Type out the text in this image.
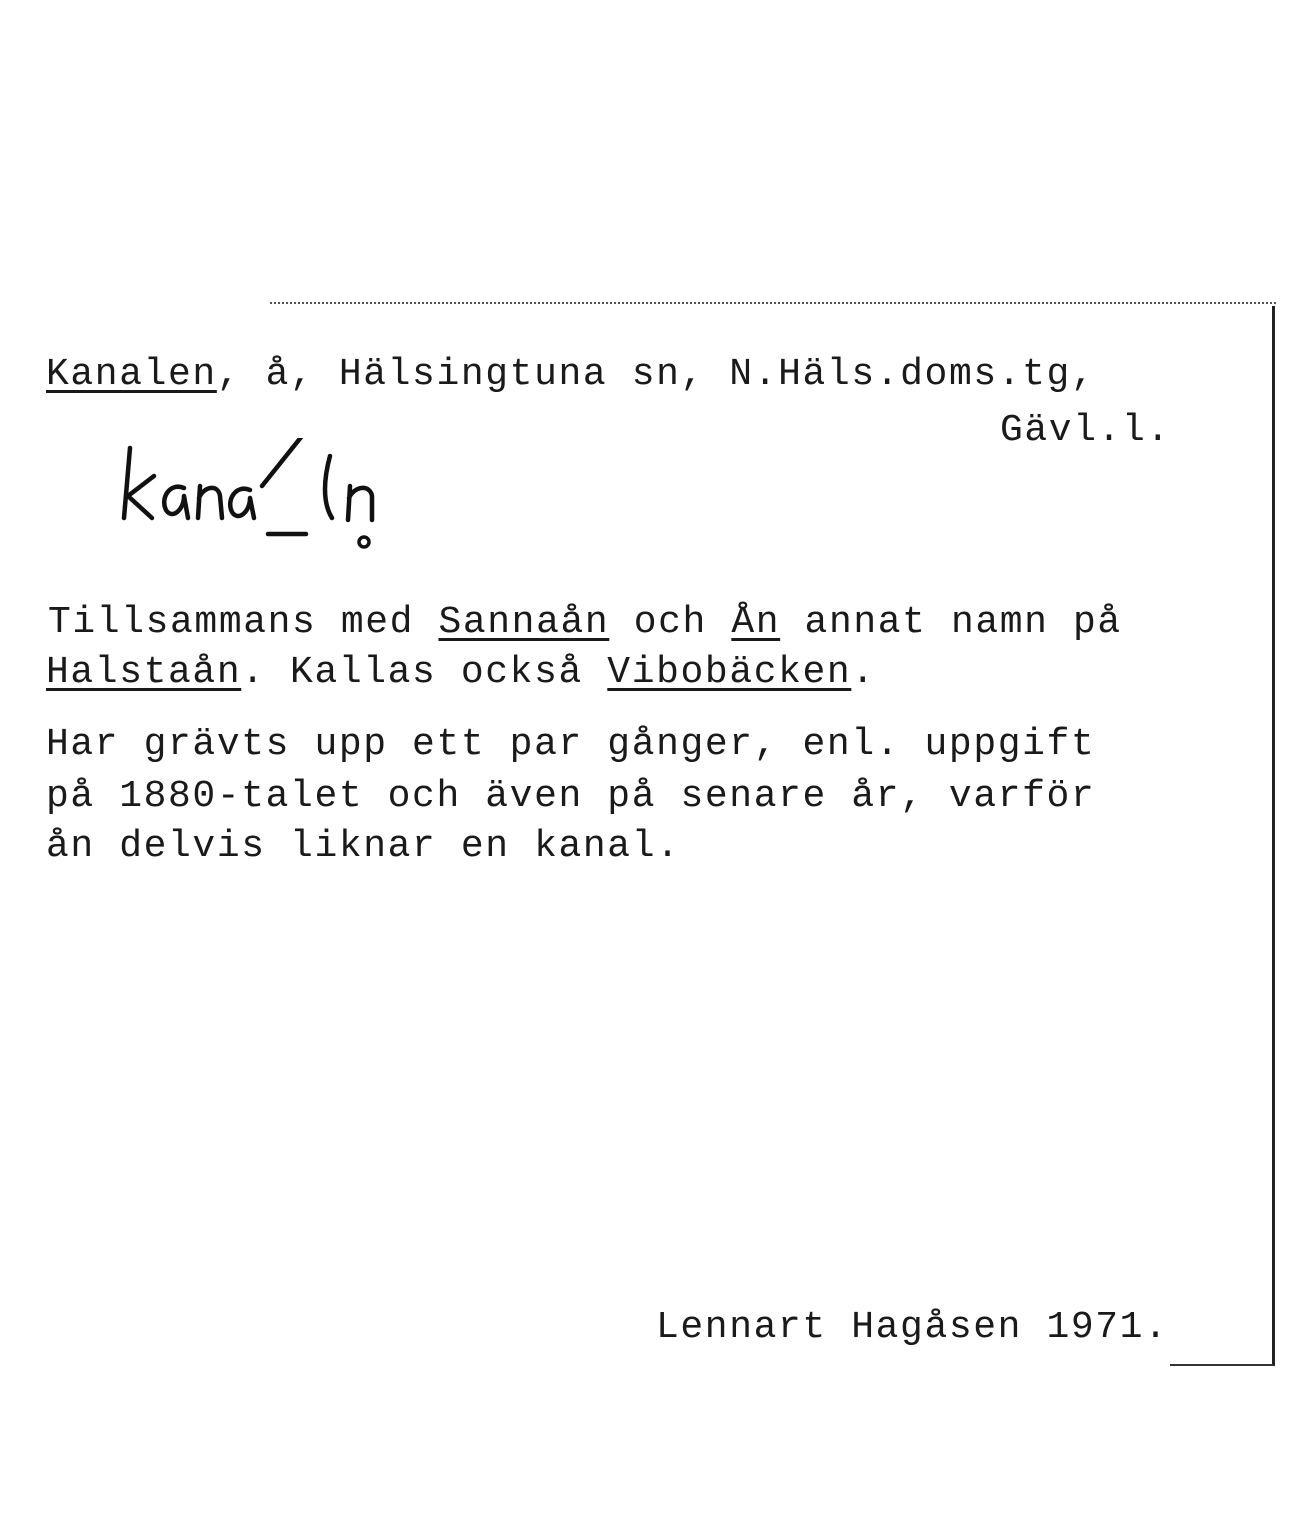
Kanalen, å, Hälsingtuna sn, N.Häls.doms.tg,
Gävl.l.
Tillsammans med Sannaån och Ån annat namn på
Halstaån. Kallas också Vibobäcken.
Har grävts upp ett par gånger, enl. uppgift
på 1880-talet och även på senare år, varför
ån delvis liknar en kanal.
Lennart Hagåsen 1971.
